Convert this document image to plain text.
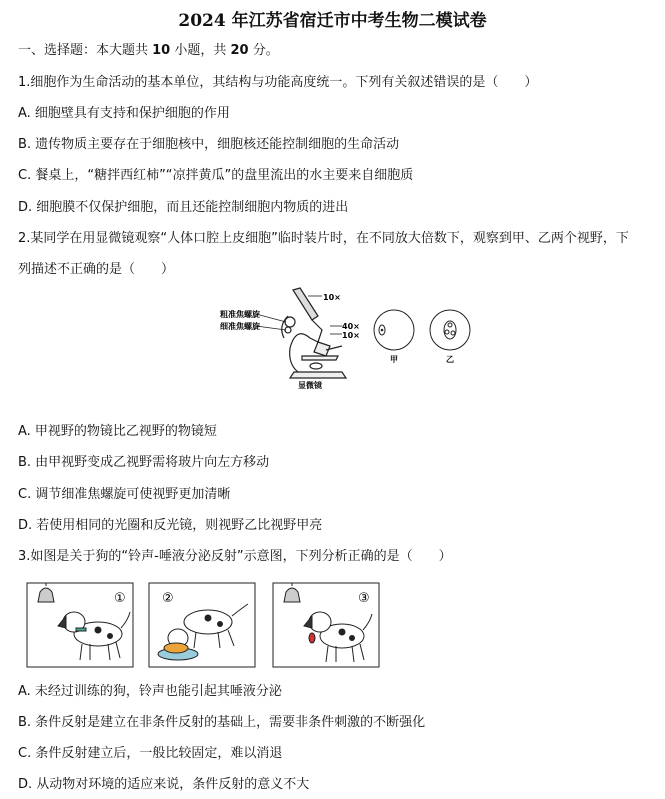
2024 年江苏省宿迁市中考生物二模试卷
一、选择题：本大题共 10 小题，共 20 分。
1.细胞作为生命活动的基本单位，其结构与功能高度统一。下列有关叙述错误的是（　　）
A. 细胞壁具有支持和保护细胞的作用
B. 遗传物质主要存在于细胞核中，细胞核还能控制细胞的生命活动
C. 餐桌上，“糖拌西红柿”“凉拌黄瓜”的盘里流出的水主要来自细胞质
D. 细胞膜不仅保护细胞，而且还能控制细胞内物质的进出
2.某同学在用显微镜观察“人体口腔上皮细胞”临时装片时，在不同放大倍数下，观察到甲、乙两个视野，下
列描述不正确的是（　　）
10×
粗准焦螺旋
细准焦螺旋	40×
10×
显微镜
甲	乙
A. 甲视野的物镜比乙视野的物镜短
B. 由甲视野变成乙视野需将玻片向左方移动
C. 调节细准焦螺旋可使视野更加清晰
D. 若使用相同的光圈和反光镜，则视野乙比视野甲亮
3.如图是关于狗的“铃声-唾液分泌反射”示意图，下列分析正确的是（　　）
①	②	③
A. 未经过训练的狗，铃声也能引起其唾液分泌
B. 条件反射是建立在非条件反射的基础上，需要非条件刺激的不断强化
C. 条件反射建立后，一般比较固定，难以消退
D. 从动物对环境的适应来说，条件反射的意义不大
